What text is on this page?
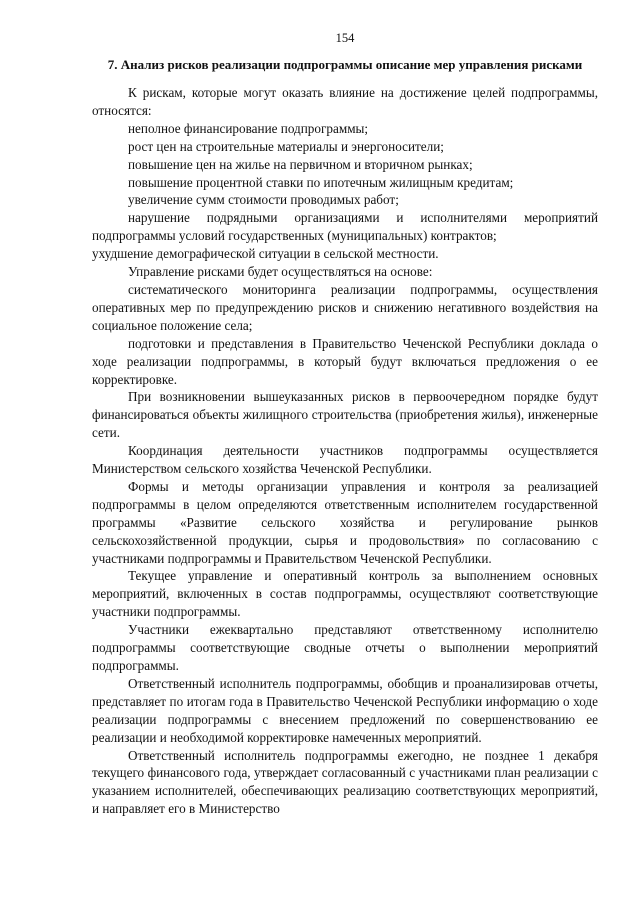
154
7. Анализ рисков реализации подпрограммы описание мер управления рисками

К рискам, которые могут оказать влияние на достижение целей подпрограммы, относятся:

неполное финансирование подпрограммы;

рост цен на строительные материалы и энергоносители;

повышение цен на жилье на первичном и вторичном рынках;

повышение процентной ставки по ипотечным жилищным кредитам;

увеличение сумм стоимости проводимых работ;

нарушение подрядными организациями и исполнителями мероприятий подпрограммы условий государственных (муниципальных) контрактов;

ухудшение демографической ситуации в сельской местности.

Управление рисками будет осуществляться на основе:

систематического мониторинга реализации подпрограммы, осуществления оперативных мер по предупреждению рисков и снижению негативного воздействия на социальное положение села;

подготовки и представления в Правительство Чеченской Республики доклада о ходе реализации подпрограммы, в который будут включаться предложения о ее корректировке.

При возникновении вышеуказанных рисков в первоочередном порядке будут финансироваться объекты жилищного строительства (приобретения жилья), инженерные сети.

Координация деятельности участников подпрограммы осуществляется Министерством сельского хозяйства Чеченской Республики.

Формы и методы организации управления и контроля за реализацией подпрограммы в целом определяются ответственным исполнителем государственной программы «Развитие сельского хозяйства и регулирование рынков сельскохозяйственной продукции, сырья и продовольствия» по согласованию с участниками подпрограммы и Правительством Чеченской Республики.

Текущее управление и оперативный контроль за выполнением основных мероприятий, включенных в состав подпрограммы, осуществляют соответствующие участники подпрограммы.

Участники ежеквартально представляют ответственному исполнителю подпрограммы соответствующие сводные отчеты о выполнении мероприятий подпрограммы.

Ответственный исполнитель подпрограммы, обобщив и проанализировав отчеты, представляет по итогам года в Правительство Чеченской Республики информацию о ходе реализации подпрограммы с внесением предложений по совершенствованию ее реализации и необходимой корректировке намеченных мероприятий.

Ответственный исполнитель подпрограммы ежегодно, не позднее 1 декабря текущего финансового года, утверждает согласованный с участниками план реализации с указанием исполнителей, обеспечивающих реализацию соответствующих мероприятий, и направляет его в Министерство
